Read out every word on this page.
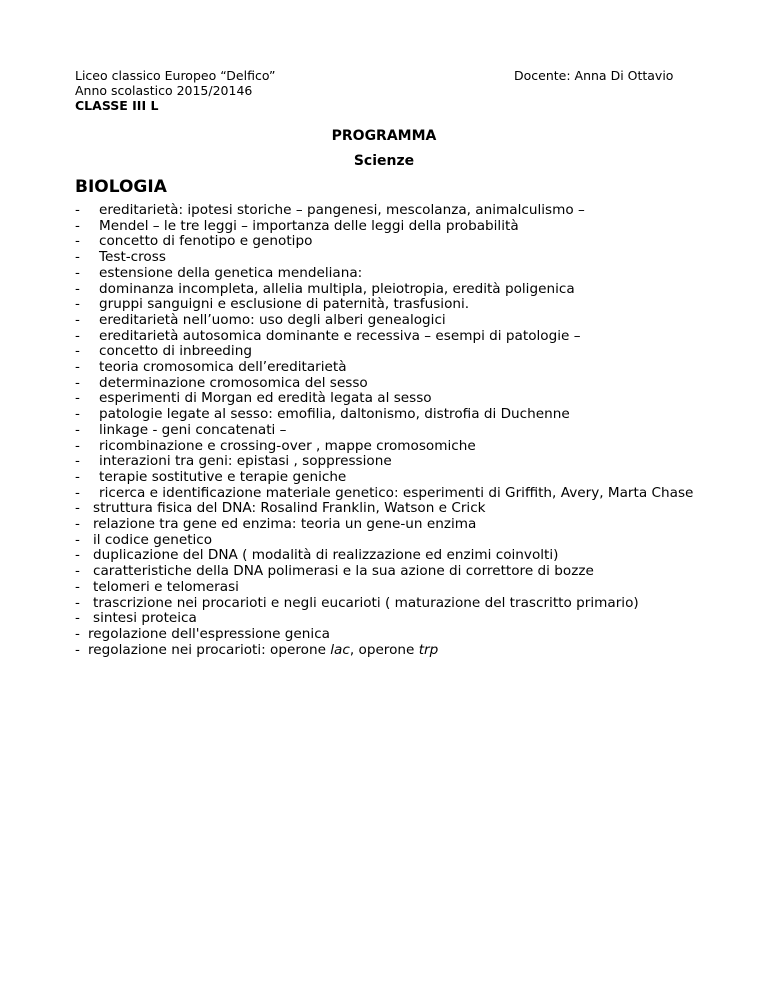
Liceo classico Europeo “Delfico”
Anno scolastico 2015/20146
CLASSE III L
Docente: Anna Di Ottavio
PROGRAMMA
Scienze
BIOLOGIA
- ereditarietà: ipotesi storiche – pangenesi, mescolanza, animalculismo –
- Mendel – le tre leggi – importanza delle leggi della probabilità
- concetto di fenotipo e genotipo
- Test-cross
- estensione della genetica mendeliana:
- dominanza incompleta, allelia multipla, pleiotropia, eredità poligenica
- gruppi sanguigni e esclusione di paternità, trasfusioni.
- ereditarietà nell’uomo: uso degli alberi genealogici
- ereditarietà autosomica dominante e recessiva – esempi di patologie –
- concetto di inbreeding
- teoria cromosomica dell’ereditarietà
- determinazione cromosomica del sesso
- esperimenti di Morgan ed eredità legata al sesso
- patologie legate al sesso: emofilia, daltonismo, distrofia di Duchenne
- linkage - geni concatenati –
- ricombinazione e crossing-over , mappe cromosomiche
- interazioni tra geni: epistasi , soppressione
- terapie sostitutive e terapie geniche
- ricerca e identificazione materiale genetico: esperimenti di Griffith, Avery, Marta Chase
- struttura fisica del DNA: Rosalind Franklin, Watson e Crick
- relazione tra gene ed enzima: teoria un gene-un enzima
- il codice genetico
- duplicazione del DNA ( modalità di realizzazione ed enzimi coinvolti)
- caratteristiche della DNA polimerasi e la sua azione di correttore di bozze
- telomeri e telomerasi
- trascrizione nei procarioti e negli eucarioti ( maturazione del trascritto primario)
- sintesi proteica
- regolazione dell'espressione genica
- regolazione nei procarioti: operone lac, operone trp
